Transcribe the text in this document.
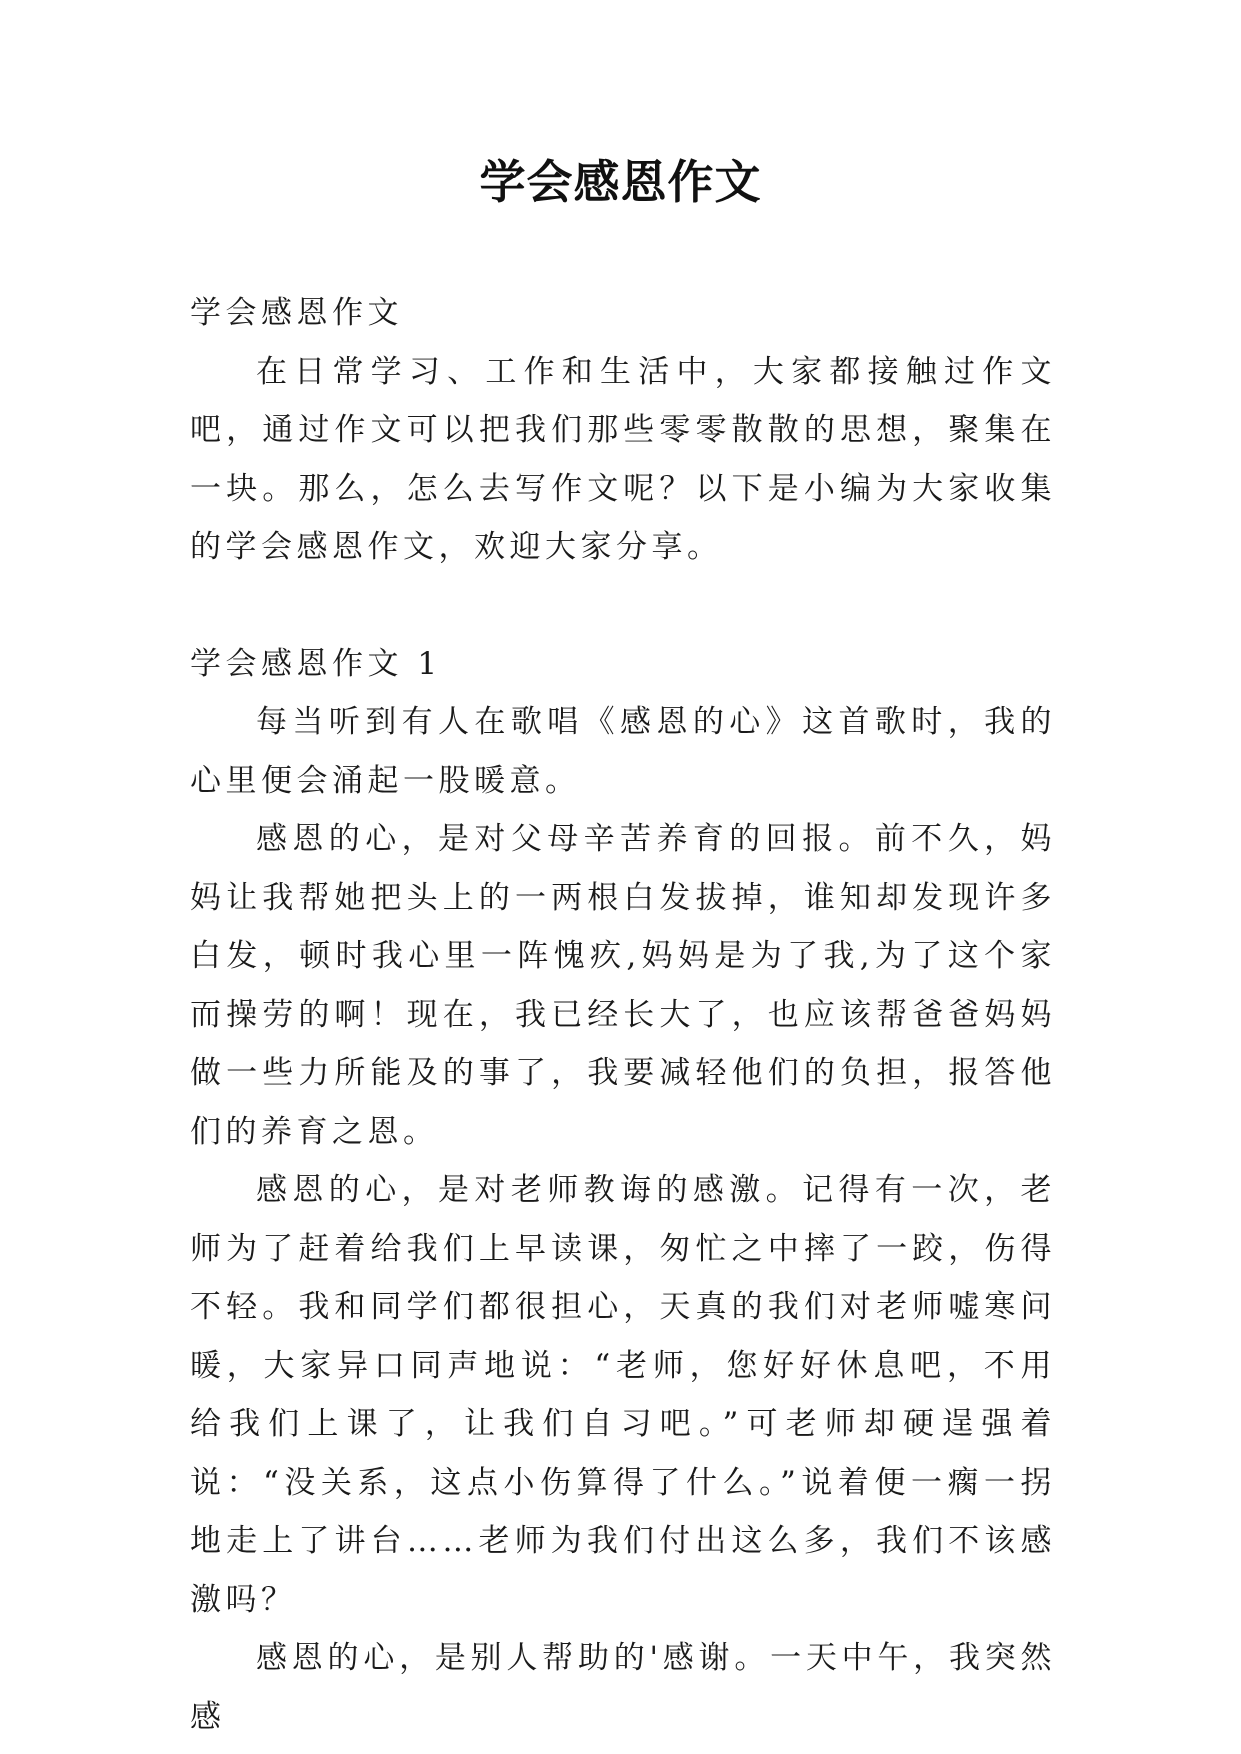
学会感恩作文

学会感恩作文

在日常学习、工作和生活中，大家都接触过作文吧，通过作文可以把我们那些零零散散的思想，聚集在一块。那么，怎么去写作文呢？以下是小编为大家收集的学会感恩作文，欢迎大家分享。

学会感恩作文 1

每当听到有人在歌唱《感恩的心》这首歌时，我的心里便会涌起一股暖意。

感恩的心，是对父母辛苦养育的回报。前不久，妈妈让我帮她把头上的一两根白发拔掉，谁知却发现许多白发，顿时我心里一阵愧疚,妈妈是为了我,为了这个家而操劳的啊！现在，我已经长大了，也应该帮爸爸妈妈做一些力所能及的事了，我要减轻他们的负担，报答他们的养育之恩。

感恩的心，是对老师教诲的感激。记得有一次，老师为了赶着给我们上早读课，匆忙之中摔了一跤，伤得不轻。我和同学们都很担心，天真的我们对老师嘘寒问暖，大家异口同声地说：“老师，您好好休息吧，不用给我们上课了，让我们自习吧。”可老师却硬逞强着说：“没关系，这点小伤算得了什么。”说着便一瘸一拐地走上了讲台……老师为我们付出这么多，我们不该感激吗？

感恩的心，是别人帮助的'感谢。一天中午，我突然感
